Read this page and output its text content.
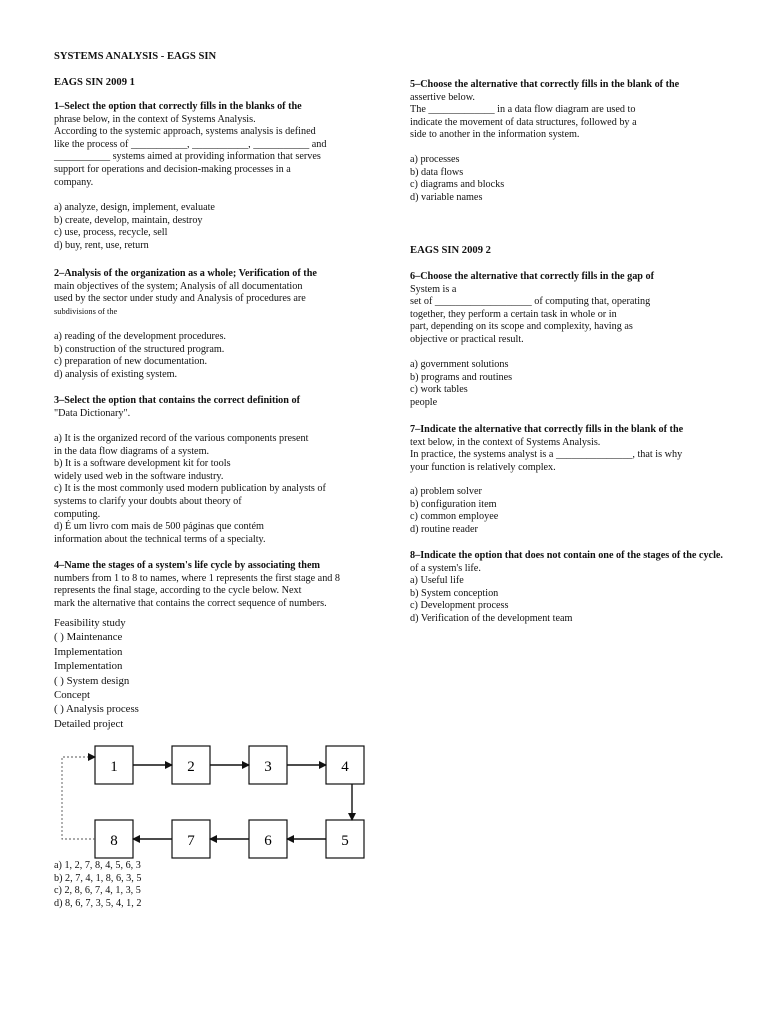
SYSTEMS ANALYSIS - EAGS SIN
EAGS SIN 2009 1
1–Select the option that correctly fills in the blanks of the
phrase below, in the context of Systems Analysis.
According to the systemic approach, systems analysis is defined
like the process of ___________, ___________, ___________ and
___________ systems aimed at providing information that serves
support for operations and decision-making processes in a
company.
a) analyze, design, implement, evaluate
b) create, develop, maintain, destroy
c) use, process, recycle, sell
d) buy, rent, use, return
2–Analysis of the organization as a whole; Verification of the
main objectives of the system; Analysis of all documentation
used by the sector under study and Analysis of procedures are
subdivisions of the
a) reading of the development procedures.
b) construction of the structured program.
c) preparation of new documentation.
d) analysis of existing system.
3–Select the option that contains the correct definition of
"Data Dictionary".
a) It is the organized record of the various components present
in the data flow diagrams of a system.
b) It is a software development kit for tools
widely used web in the software industry.
c) It is the most commonly used modern publication by analysts of
systems to clarify your doubts about theory of
computing.
d) É um livro com mais de 500 páginas que contém
information about the technical terms of a specialty.
4–Name the stages of a system's life cycle by associating them
numbers from 1 to 8 to names, where 1 represents the first stage and 8
represents the final stage, according to the cycle below. Next
mark the alternative that contains the correct sequence of numbers.
Feasibility study
( ) Maintenance
Implementation
Implementation
( ) System design
Concept
( ) Analysis process
Detailed project
a) 1, 2, 7, 8, 4, 5, 6, 3
b) 2, 7, 4, 1, 8, 6, 3, 5
c) 2, 8, 6, 7, 4, 1, 3, 5
d) 8, 6, 7, 3, 5, 4, 1, 2
1	2	3	4
5
6
7
8
5–Choose the alternative that correctly fills in the blank of the
assertive below.
The _____________ in a data flow diagram are used to
indicate the movement of data structures, followed by a
side to another in the information system.
a) processes
b) data flows
c) diagrams and blocks
d) variable names
EAGS SIN 2009 2
6–Choose the alternative that correctly fills in the gap of
System is a
set of ___________________ of computing that, operating
together, they perform a certain task in whole or in
part, depending on its scope and complexity, having as
objective or practical result.
a) government solutions
b) programs and routines
c) work tables
people
7–Indicate the alternative that correctly fills in the blank of the
text below, in the context of Systems Analysis.
In practice, the systems analyst is a _______________, that is why
your function is relatively complex.
a) problem solver
b) configuration item
c) common employee
d) routine reader
8–Indicate the option that does not contain one of the stages of the cycle.
of a system's life.
a) Useful life
b) System conception
c) Development process
d) Verification of the development team
